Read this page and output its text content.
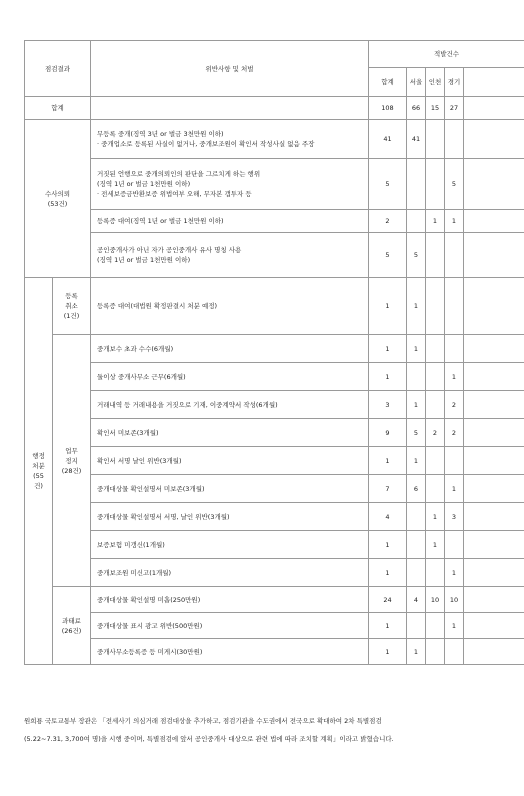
점검결과		위반사항 및 처벌	적발건수				
			합계	서울	인천	경기	
합계			108	66	15	27	

수사의뢰
(53건)		무등록 중개(징역 3년 or 벌금 3천만원 이하)
· 중개업소로 등록된 사실이 없거나, 중개보조원이 확인서 작성사실 없음 주장	41	41			

		거짓된 언행으로 중개의뢰인의 판단을 그르치게 하는 행위
(징역 1년 or 벌금 1천만원 이하)
· 전세보증금반환보증 위법여부 오해, 무자본 갭투자 등	5			5	

		등록증 대여(징역 1년 or 벌금 1천만원 이하)	2		1	1	

		공인중개사가 아닌 자가 공인중개사 유사 명칭 사용
(징역 1년 or 벌금 1천만원 이하)	5	5			

행정
처분
(55
건)	등록
취소
(1건)	등록증 대여(대법원 확정판결시 처분 예정)	1	1			

	업무
정지
(28건)	중개보수 초과 수수(6개월)	1	1			

		둘이상 중개사무소 근무(6개월)	1			1	

		거래내역 등 거래내용을 거짓으로 기재, 이중계약서 작성(6개월)	3	1		2	

		확인서 미보존(3개월)	9	5	2	2	

		확인서 서명 날인 위반(3개월)	1	1			

		중개대상물 확인설명서 미보존(3개월)	7	6		1	

		중개대상물 확인설명서 서명, 날인 위반(3개월)	4		1	3	

		보증보험 미갱신(1개월)	1		1		

		중개보조원 미신고(1개월)	1			1	

	과태료
(26건)	중개대상물 확인설명 미흡(250만원)	24	4	10	10	

		중개대상물 표시 광고 위반(500만원)	1			1	

		중개사무소등록증 등 미게시(30만원)	1	1			
원희룡 국토교통부 장관은 「전세사기 의심거래 점검대상을 추가하고, 점검기관을 수도권에서 전국으로 확대하여 2차 특별점검
(5.22~7.31, 3,700여 명)을 시행 중이며, 특별점검에 앞서 공인중개사 대상으로 관련 법에 따라 조치할 계획」이라고 밝혔습니다.
